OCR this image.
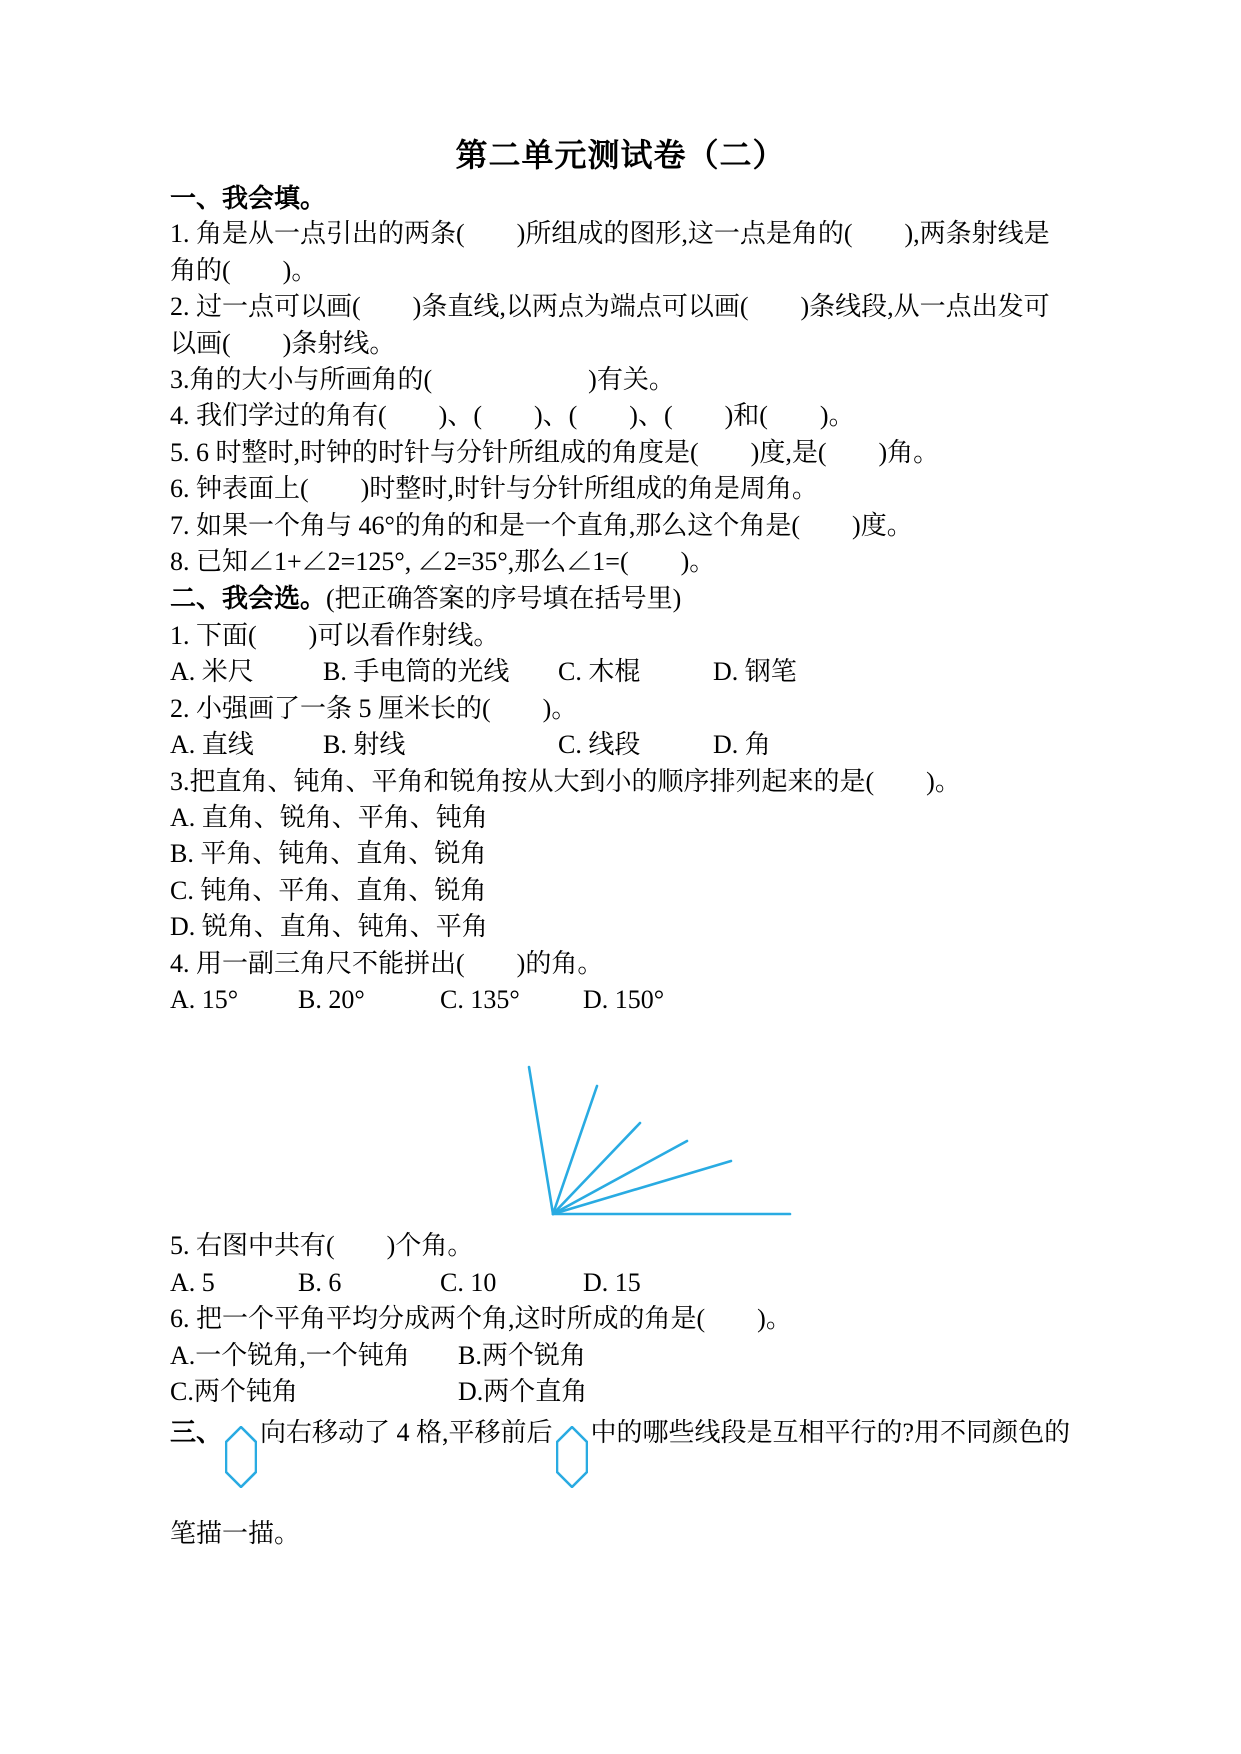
第二单元测试卷（二）
一、我会填。
1. 角是从一点引出的两条(        )所组成的图形,这一点是角的(        ),两条射线是
角的(        )。
2. 过一点可以画(        )条直线,以两点为端点可以画(        )条线段,从一点出发可
以画(        )条射线。
3.角的大小与所画角的(                        )有关。
4. 我们学过的角有(        )、(        )、(        )、(        )和(        )。
5. 6 时整时,时钟的时针与分针所组成的角度是(        )度,是(        )角。
6. 钟表面上(        )时整时,时针与分针所组成的角是周角。
7. 如果一个角与 46°的角的和是一个直角,那么这个角是(        )度。
8. 已知∠1+∠2=125°, ∠2=35°,那么∠1=(        )。
二、我会选。(把正确答案的序号填在括号里)
1. 下面(        )可以看作射线。
A. 米尺	B. 手电筒的光线 C. 木棍	D. 钢笔
2. 小强画了一条 5 厘米长的(        )。
A. 直线	B. 射线	C. 线段	D. 角
3.把直角、钝角、平角和锐角按从大到小的顺序排列起来的是(        )。
A. 直角、锐角、平角、钝角
B. 平角、钝角、直角、锐角
C. 钝角、平角、直角、锐角
D. 锐角、直角、钝角、平角
4. 用一副三角尺不能拼出(        )的角。
A. 15° B. 20°	C. 135° D. 150°
5. 右图中共有(        )个角。
A. 5	B. 6	C. 10	D. 15
6. 把一个平角平均分成两个角,这时所成的角是(        )。
A.一个锐角,一个钝角 B.两个锐角
C.两个钝角	D.两个直角
三、 向右移动了 4 格,平移前后 中的哪些线段是互相平行的?用不同颜色的
笔描一描。
